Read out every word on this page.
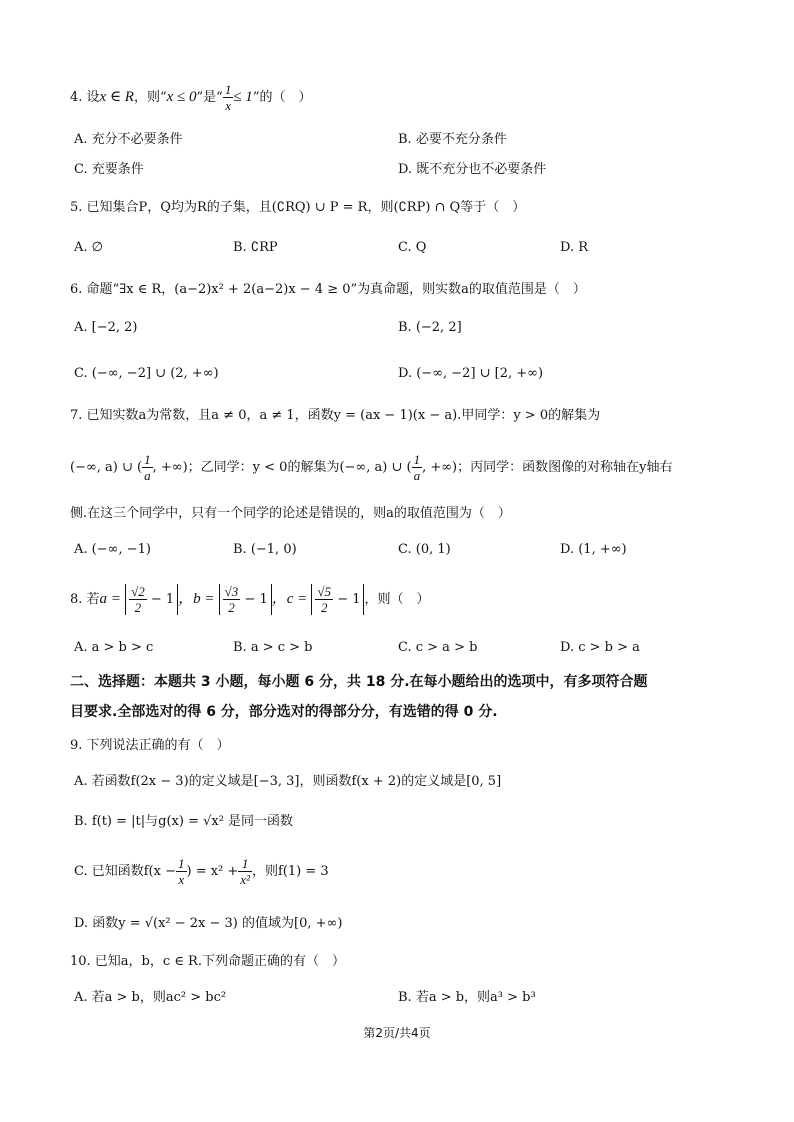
4. 设x ∈ R，则“x ≤ 0”是“ $\frac{1}{x} \le 1$”的（　）
A. 充分不必要条件	B. 必要不充分条件
C. 充要条件	D. 既不充分也不必要条件
5. 已知集合P，Q均为R的子集，且(∁RQ) ∪ P = R，则(∁RP) ∩ Q等于（　）
A. ∅	B. ∁RP	C. Q	D. R
6. 命题“∃x ∈ R，(a−2)x² + 2(a−2)x − 4 ≥ 0”为真命题，则实数a的取值范围是（　）
A. [−2, 2)	B. (−2, 2]
C. (−∞, −2] ∪ (2, +∞)	D. (−∞, −2] ∪ [2, +∞)
7. 已知实数a为常数，且a ≠ 0，a ≠ 1，函数y = (ax − 1)(x − a).甲同学：y > 0的解集为
(−∞, a) ∪ ( $\frac{1}{a}$ , +∞)；乙同学：y < 0的解集为(−∞, a) ∪ ( $\frac{1}{a}$ , +∞)；丙同学：函数图像的对称轴在y轴右
侧.在这三个同学中，只有一个同学的论述是错误的，则a的取值范围为（　）
A. (−∞, −1)	B. (−1, 0)	C. (0, 1)	D. (1, +∞)
8. 若$a = \frac{√2}{2} - 1$ ，$b = \frac{√3}{2} - 1$ ，$c = \frac{√5}{2} - 1$ ，则（　）
A. a > b > c	B. a > c > b	C. c > a > b	D. c > b > a
二、选择题：本题共 3 小题，每小题 6 分，共 18 分.在每小题给出的选项中，有多项符合题
目要求.全部选对的得 6 分，部分选对的得部分分，有选错的得 0 分.
9. 下列说法正确的有（　）
A. 若函数f(2x − 3)的定义域是[−3, 3]，则函数f(x + 2)的定义域是[0, 5]
B. f(t) = |t|与g(x) = √x² 是同一函数
C. 已知函数$f(x - \frac{1}{x}$ ) = $x^2 + \frac{1}{\text{x²}}$ ，则f(1) = 3
D. 函数y = √(x² − 2x − 3) 的值域为[0, +∞)
10. 已知a，b，c ∈ R.下列命题正确的有（　）
A. 若a > b，则ac² > bc²	B. 若a > b，则a³ > b³
第2页/共4页
